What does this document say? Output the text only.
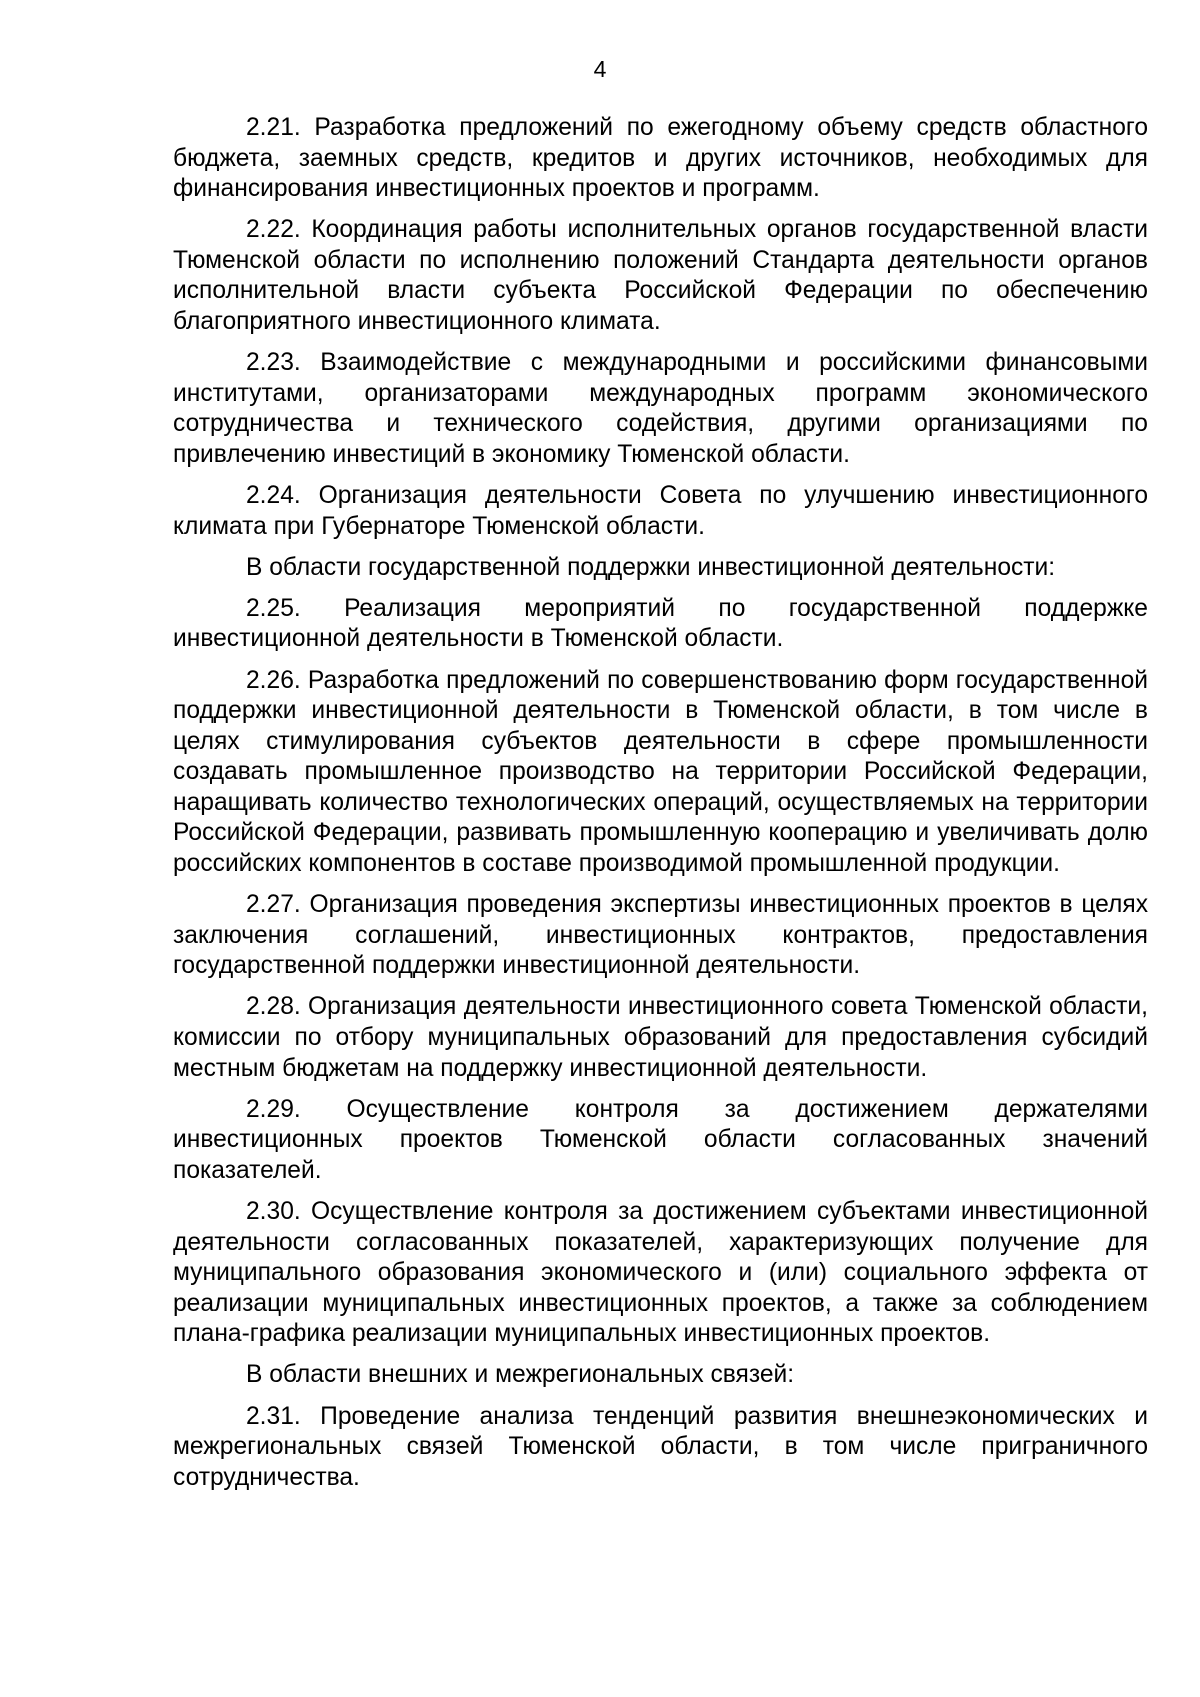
4

2.21. Разработка предложений по ежегодному объему средств областного бюджета, заемных средств, кредитов и других источников, необходимых для финансирования инвестиционных проектов и программ.

2.22. Координация работы исполнительных органов государственной власти Тюменской области по исполнению положений Стандарта деятельности органов исполнительной власти субъекта Российской Федерации по обеспечению благоприятного инвестиционного климата.

2.23. Взаимодействие с международными и российскими финансовыми институтами, организаторами международных программ экономического сотрудничества и технического содействия, другими организациями по привлечению инвестиций в экономику Тюменской области.

2.24. Организация деятельности Совета по улучшению инвестиционного климата при Губернаторе Тюменской области.

В области государственной поддержки инвестиционной деятельности:

2.25. Реализация мероприятий по государственной поддержке инвестиционной деятельности в Тюменской области.

2.26. Разработка предложений по совершенствованию форм государственной поддержки инвестиционной деятельности в Тюменской области, в том числе в целях стимулирования субъектов деятельности в сфере промышленности создавать промышленное производство на территории Российской Федерации, наращивать количество технологических операций, осуществляемых на территории Российской Федерации, развивать промышленную кооперацию и увеличивать долю российских компонентов в составе производимой промышленной продукции.

2.27. Организация проведения экспертизы инвестиционных проектов в целях заключения соглашений, инвестиционных контрактов, предоставления государственной поддержки инвестиционной деятельности.

2.28. Организация деятельности инвестиционного совета Тюменской области, комиссии по отбору муниципальных образований для предоставления субсидий местным бюджетам на поддержку инвестиционной деятельности.

2.29. Осуществление контроля за достижением держателями инвестиционных проектов Тюменской области согласованных значений показателей.

2.30. Осуществление контроля за достижением субъектами инвестиционной деятельности согласованных показателей, характеризующих получение для муниципального образования экономического и (или) социального эффекта от реализации муниципальных инвестиционных проектов, а также за соблюдением плана-графика реализации муниципальных инвестиционных проектов.

В области внешних и межрегиональных связей:

2.31. Проведение анализа тенденций развития внешнеэкономических и межрегиональных связей Тюменской области, в том числе приграничного сотрудничества.
